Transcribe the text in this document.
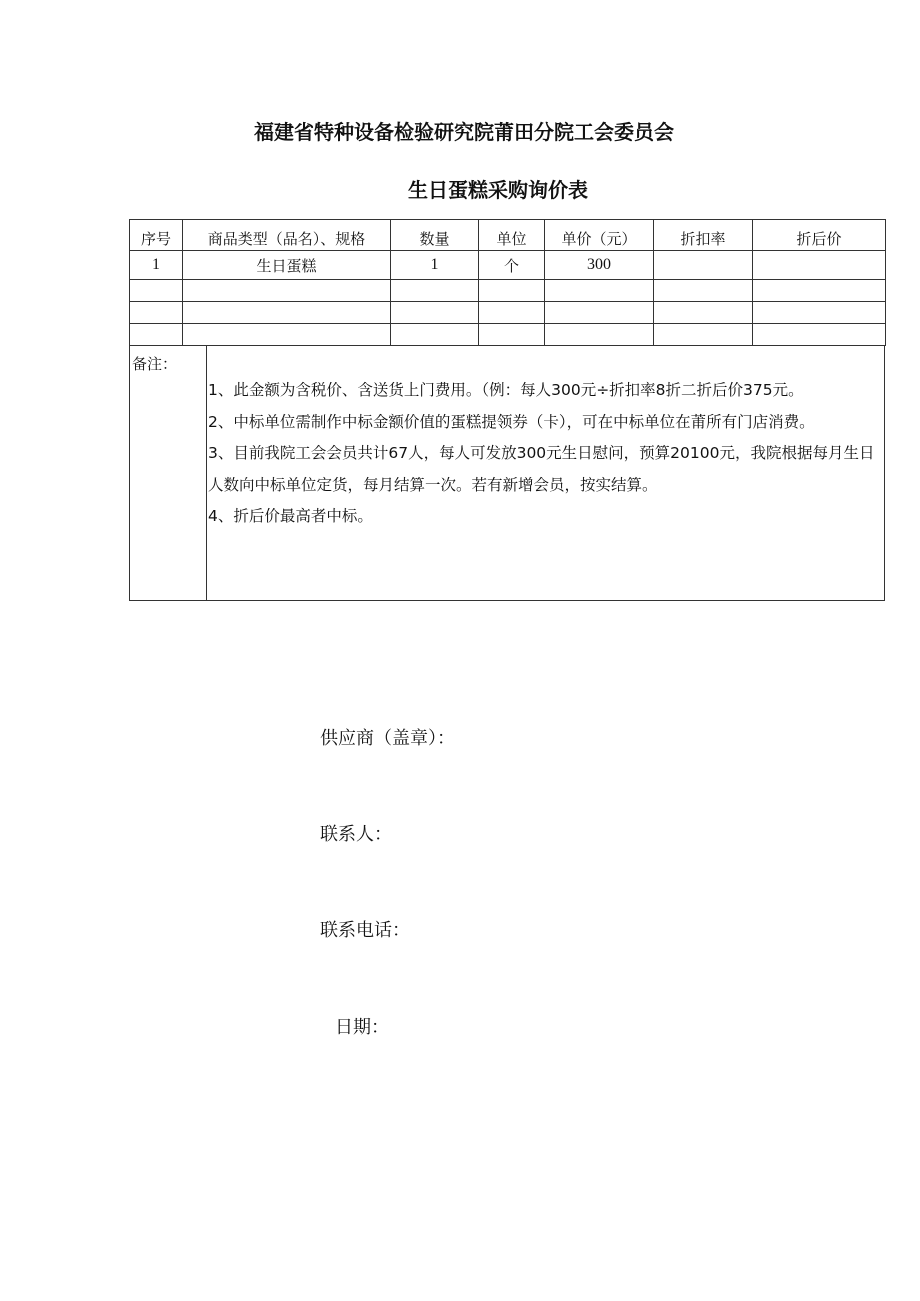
福建省特种设备检验研究院莆田分院工会委员会
生日蛋糕采购询价表
序号	商品类型（品名）、规格	数量	单位	单价（元）	折扣率	折后价
1	生日蛋糕	1	个	300		

备注：

1、此金额为含税价、含送货上门费用。（例：每人300元÷折扣率8折二折后价375元。

2、中标单位需制作中标金额价值的蛋糕提领券（卡），可在中标单位在莆所有门店消费。

3、目前我院工会会员共计67人，每人可发放300元生日慰问，预算20100元，我院根据每月生日人数向中标单位定货，每月结算一次。若有新增会员，按实结算。

4、折后价最高者中标。

供应商（盖章）：
联系人：
联系电话：
日期：
